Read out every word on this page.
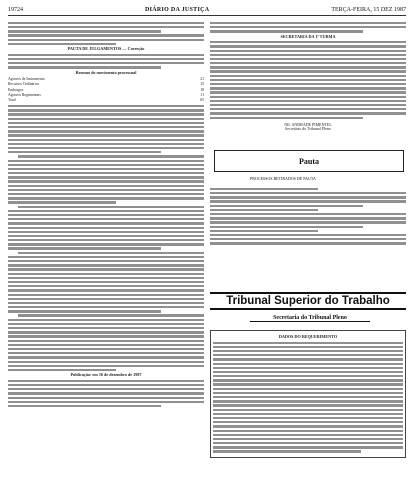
19724	DIÁRIO DA JUSTIÇA	TERÇA-FEIRA, 15 DEZ 1987
PAUTA DE JULGAMENTOS — Correção
Resumo do movimento processual
Agravos de Instrumento	21
Recursos Ordinários	15
Embargos	18
Agravos Regimentais	11
Total	65
Publicação: em 16 de dezembro de 1987
SECRETARIA DA 1ª TURMA
NIL ANDRADE PIMENTEL
Secretário do Tribunal Pleno
Pauta
PROCESSOS RETIRADOS DE PAUTA
Tribunal Superior do Trabalho
Secretaria do Tribunal Pleno
DADOS DO REQUERIMENTO
